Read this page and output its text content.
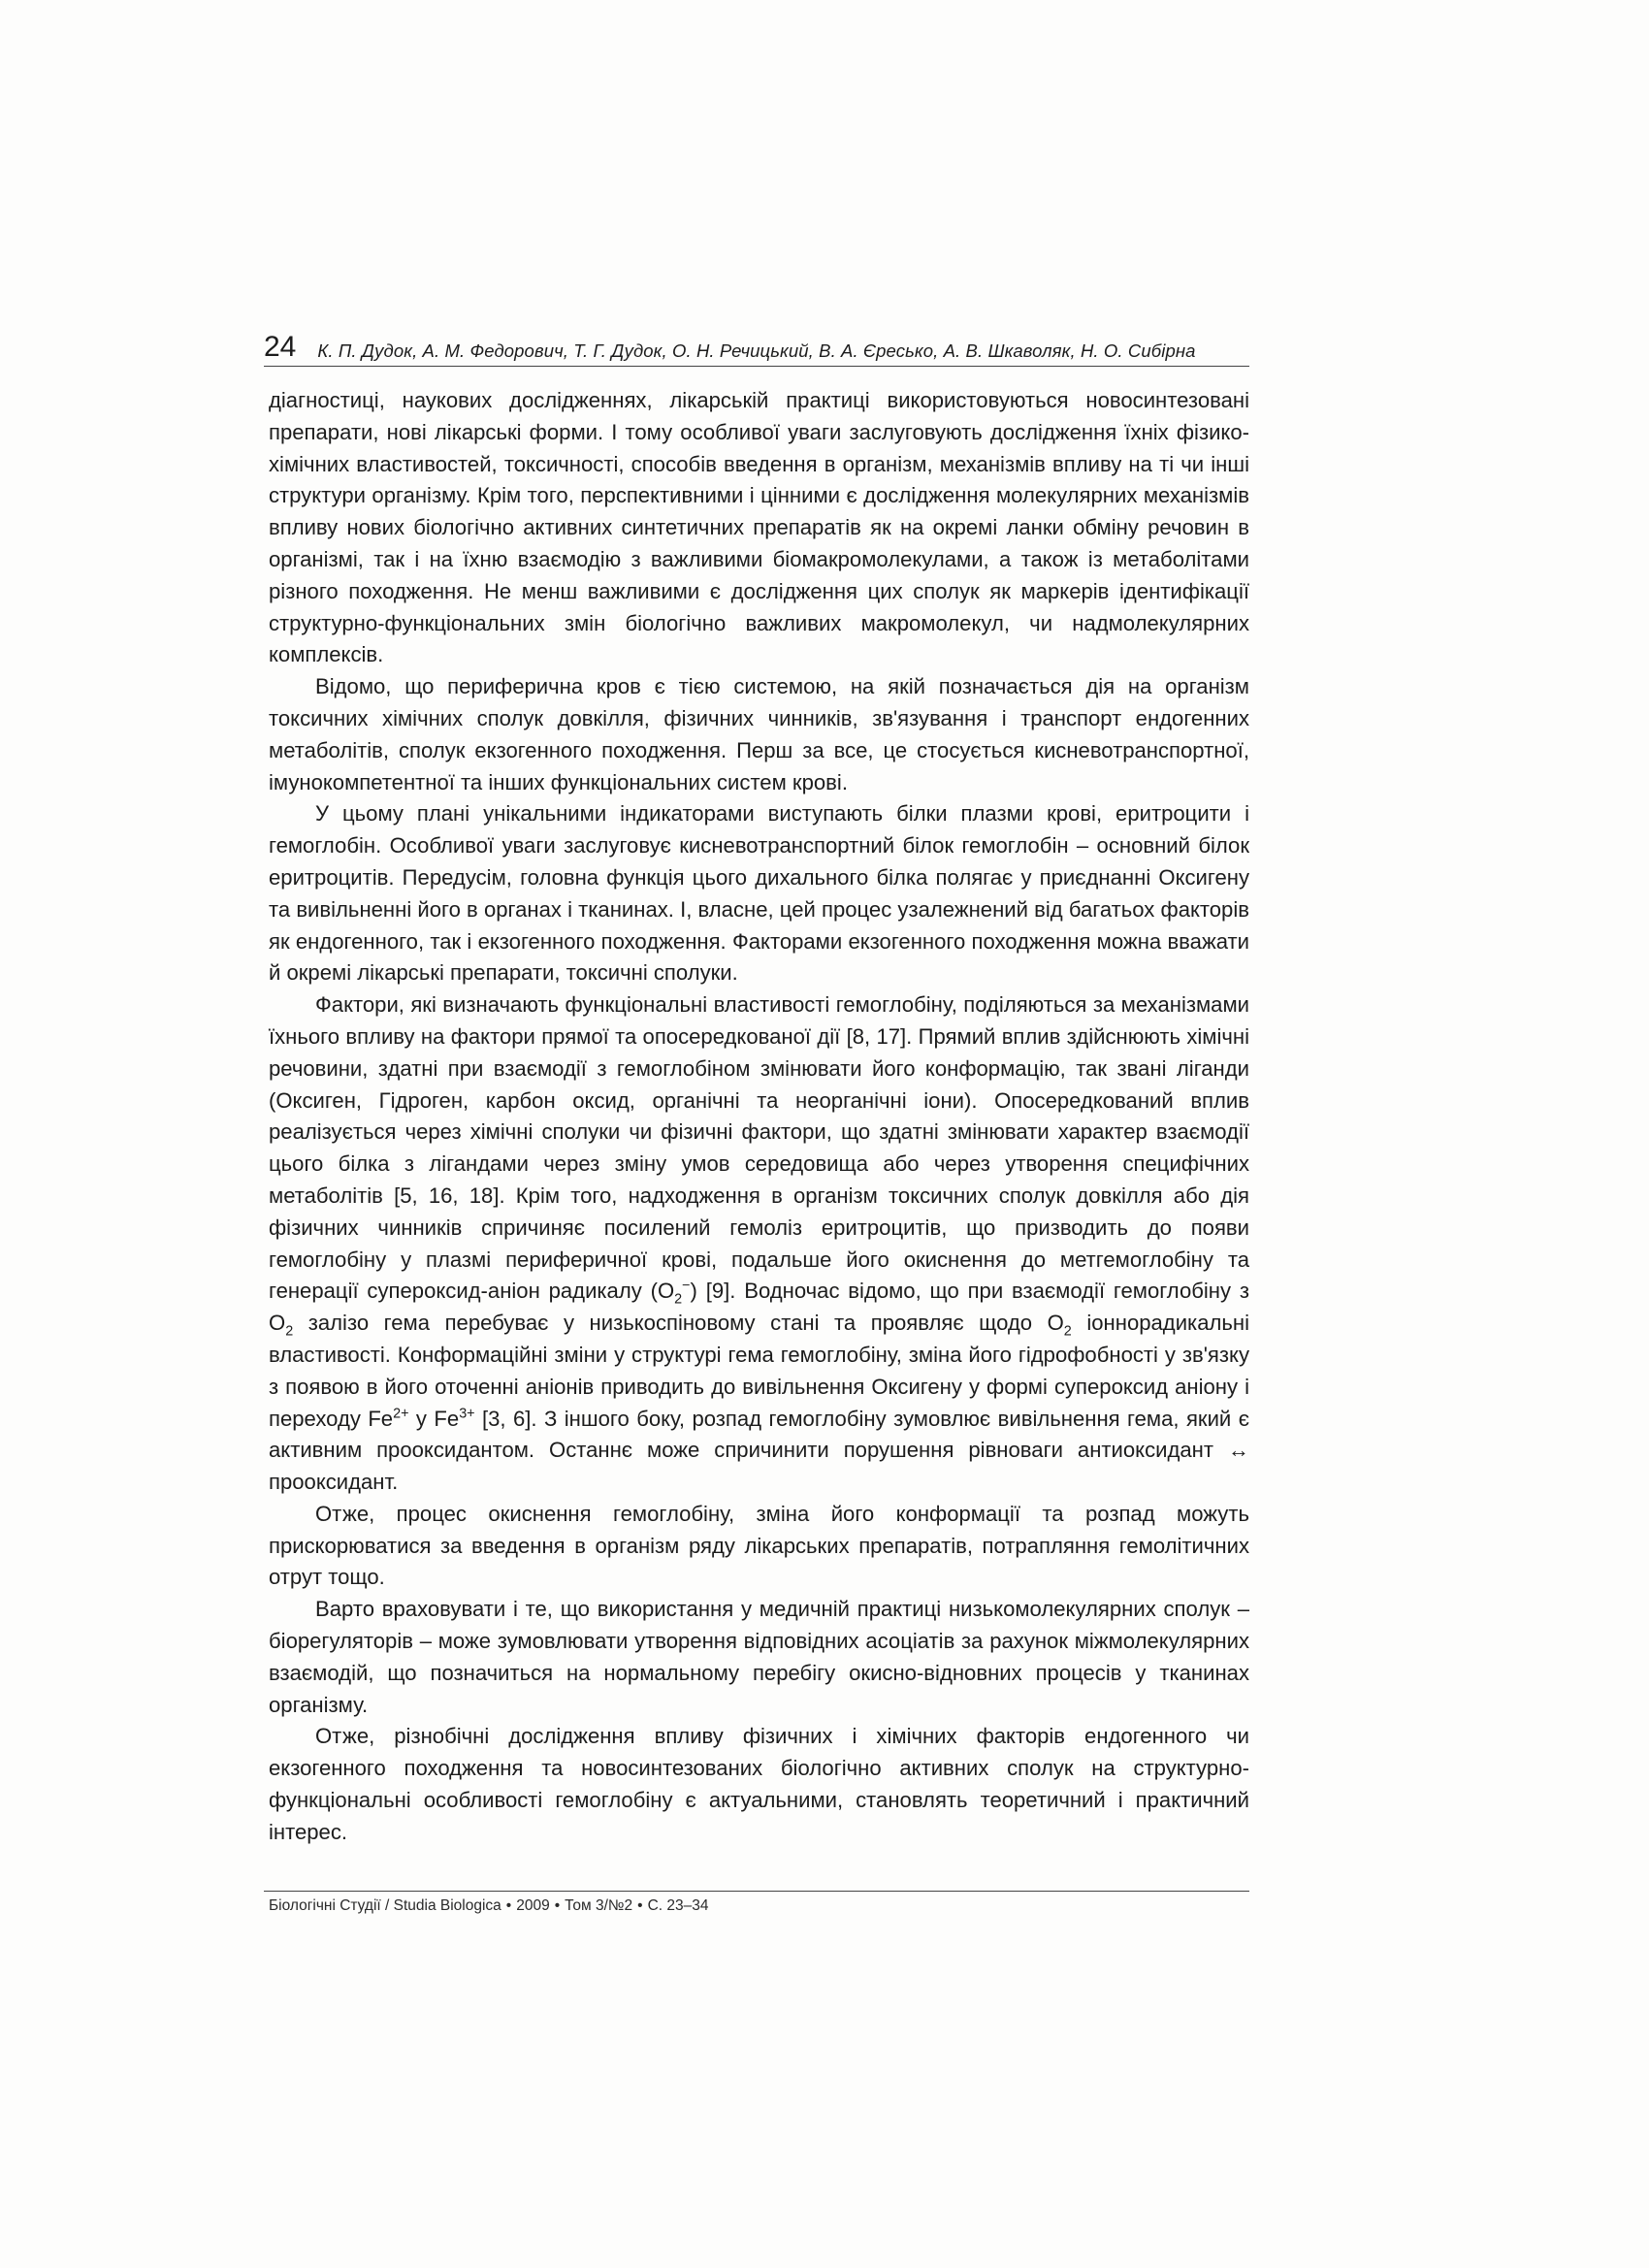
24 К. П. Дудок, А. М. Федорович, Т. Г. Дудок, О. Н. Речицький, В. А. Єресько, А. В. Шкаволяк, Н. О. Сибірна

діагностиці, наукових дослідженнях, лікарській практиці використовуються новосинтезовані препарати, нові лікарські форми. І тому особливої уваги заслуговують дослідження їхніх фізико-хімічних властивостей, токсичності, способів введення в організм, механізмів впливу на ті чи інші структури організму. Крім того, перспективними і цінними є дослідження молекулярних механізмів впливу нових біологічно активних синтетичних препаратів як на окремі ланки обміну речовин в організмі, так і на їхню взаємодію з важливими біомакромолекулами, а також із метаболітами різного походження. Не менш важливими є дослідження цих сполук як маркерів ідентифікації структурно-функціональних змін біологічно важливих макромолекул, чи надмолекулярних комплексів.

Відомо, що периферична кров є тією системою, на якій позначається дія на організм токсичних хімічних сполук довкілля, фізичних чинників, зв'язування і транспорт ендогенних метаболітів, сполук екзогенного походження. Перш за все, це стосується кисневотранспортної, імунокомпетентної та інших функціональних систем крові.

У цьому плані унікальними індикаторами виступають білки плазми крові, еритроцити і гемоглобін. Особливої уваги заслуговує кисневотранспортний білок гемоглобін – основний білок еритроцитів. Передусім, головна функція цього дихального білка полягає у приєднанні Оксигену та вивільненні його в органах і тканинах. І, власне, цей процес узалежнений від багатьох факторів як ендогенного, так і екзогенного походження. Факторами екзогенного походження можна вважати й окремі лікарські препарати, токсичні сполуки.

Фактори, які визначають функціональні властивості гемоглобіну, поділяються за механізмами їхнього впливу на фактори прямої та опосередкованої дії [8, 17]. Прямий вплив здійснюють хімічні речовини, здатні при взаємодії з гемоглобіном змінювати його конформацію, так звані ліганди (Оксиген, Гідроген, карбон оксид, органічні та неорганічні іони). Опосередкований вплив реалізується через хімічні сполуки чи фізичні фактори, що здатні змінювати характер взаємодії цього білка з лігандами через зміну умов середовища або через утворення специфічних метаболітів [5, 16, 18]. Крім того, надходження в організм токсичних сполук довкілля або дія фізичних чинників спричиняє посилений гемоліз еритроцитів, що призводить до появи гемоглобіну у плазмі периферичної крові, подальше його окиснення до метгемоглобіну та генерації супероксид-аніон радикалу $(О_2^-)$ [9]. Водночас відомо, що при взаємодії гемоглобіну з $О_2$ залізо гема перебуває у низькоспіновому стані та проявляє щодо $О_2$ іоннорадикальні властивості. Конформаційні зміни у структурі гема гемоглобіну, зміна його гідрофобності у зв'язку з появою в його оточенні аніонів приводить до вивільнення Оксигену у формі супероксид аніону і переходу $Fe^{2+}$ у $Fe^{3+}$ [3, 6]. З іншого боку, розпад гемоглобіну зумовлює вивільнення гема, який є активним прооксидантом. Останнє може спричинити порушення рівноваги антиоксидант ↔ прооксидант.

Отже, процес окиснення гемоглобіну, зміна його конформації та розпад можуть прискорюватися за введення в організм ряду лікарських препаратів, потрапляння гемолітичних отрут тощо.

Варто враховувати і те, що використання у медичній практиці низькомолекулярних сполук – біорегуляторів – може зумовлювати утворення відповідних асоціатів за рахунок міжмолекулярних взаємодій, що позначиться на нормальному перебігу окисно-відновних процесів у тканинах організму.

Отже, різнобічні дослідження впливу фізичних і хімічних факторів ендогенного чи екзогенного походження та новосинтезованих біологічно активних сполук на структурно-функціональні особливості гемоглобіну є актуальними, становлять теоретичний і практичний інтерес.

Біологічні Студії / Studia Biologica • 2009 • Том 3/№2 • С. 23–34
